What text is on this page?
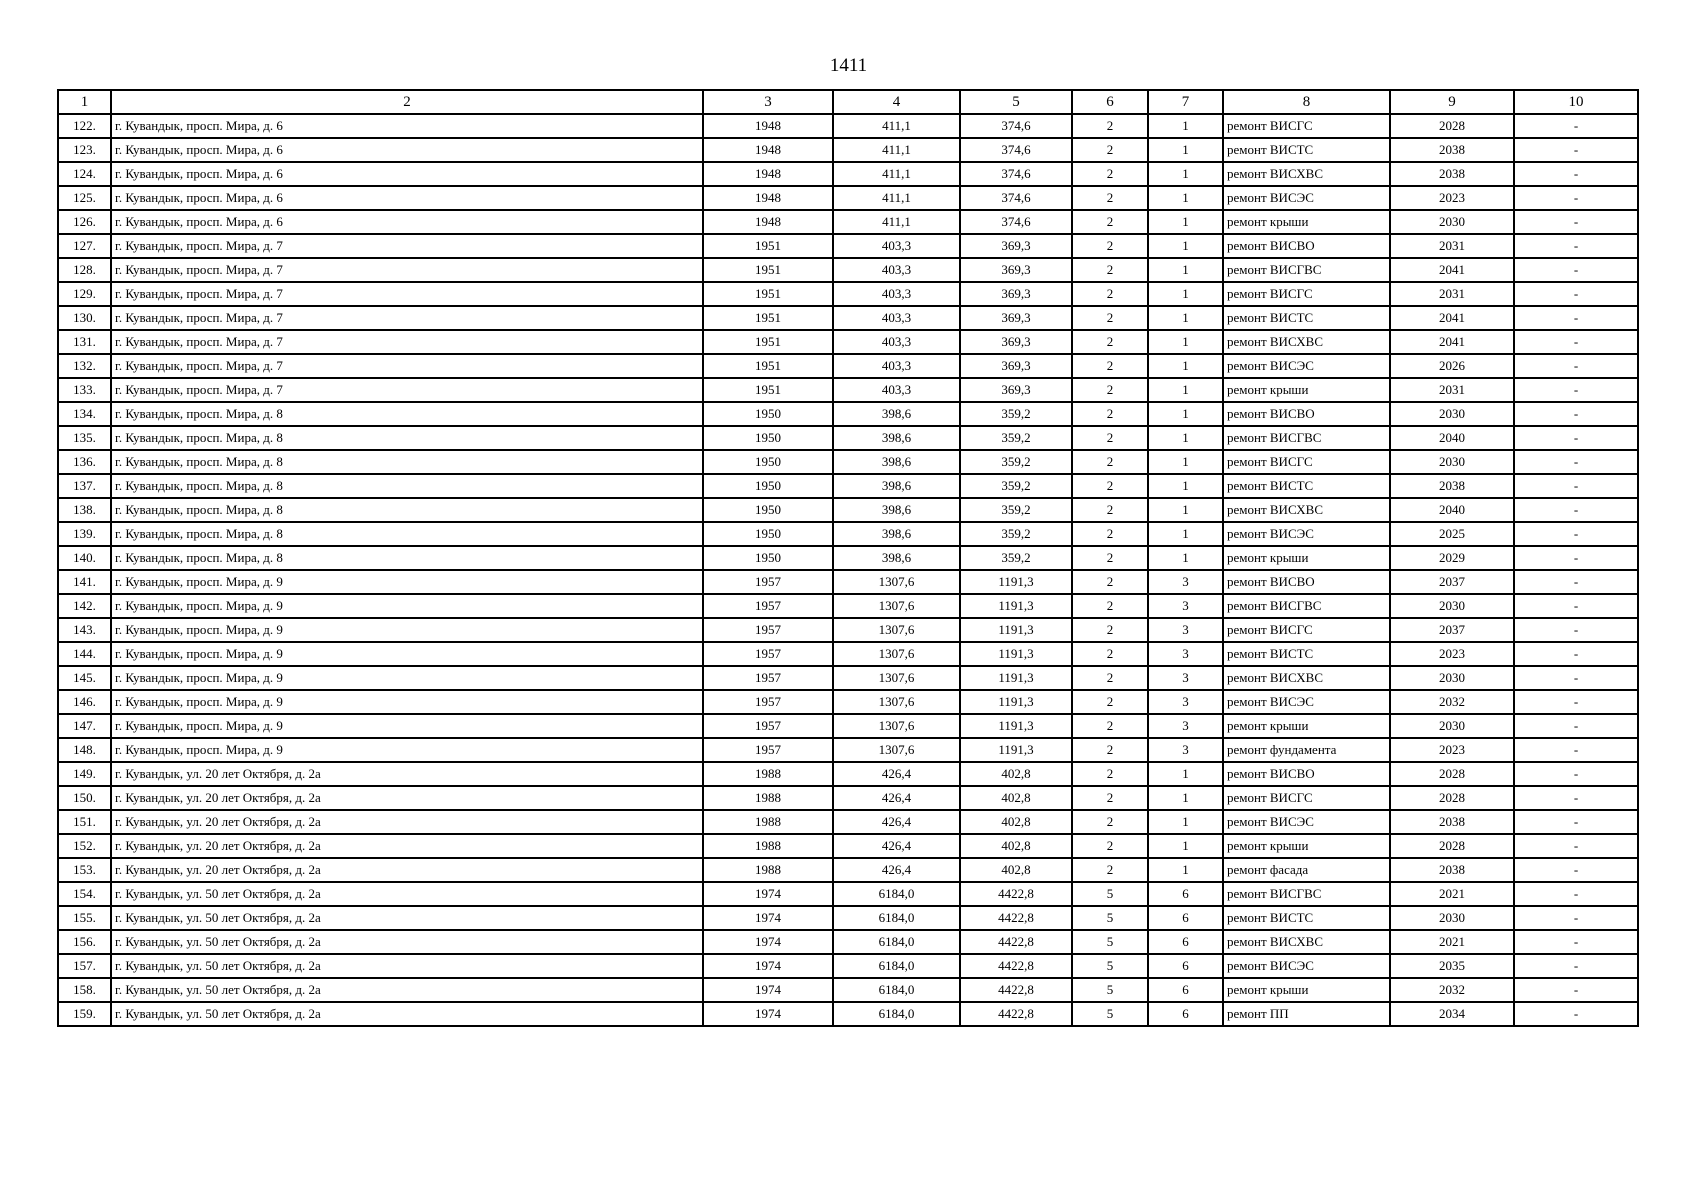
1411
1	2	3	4	5	6	7	8	9	10
122.	г. Кувандык, просп. Мира, д. 6	1948	411,1	374,6	2	1	ремонт ВИСГС	2028	-
123.	г. Кувандык, просп. Мира, д. 6	1948	411,1	374,6	2	1	ремонт ВИСТС	2038	-
124.	г. Кувандык, просп. Мира, д. 6	1948	411,1	374,6	2	1	ремонт ВИСХВС	2038	-
125.	г. Кувандык, просп. Мира, д. 6	1948	411,1	374,6	2	1	ремонт ВИСЭС	2023	-
126.	г. Кувандык, просп. Мира, д. 6	1948	411,1	374,6	2	1	ремонт крыши	2030	-
127.	г. Кувандык, просп. Мира, д. 7	1951	403,3	369,3	2	1	ремонт ВИСВО	2031	-
128.	г. Кувандык, просп. Мира, д. 7	1951	403,3	369,3	2	1	ремонт ВИСГВС	2041	-
129.	г. Кувандык, просп. Мира, д. 7	1951	403,3	369,3	2	1	ремонт ВИСГС	2031	-
130.	г. Кувандык, просп. Мира, д. 7	1951	403,3	369,3	2	1	ремонт ВИСТС	2041	-
131.	г. Кувандык, просп. Мира, д. 7	1951	403,3	369,3	2	1	ремонт ВИСХВС	2041	-
132.	г. Кувандык, просп. Мира, д. 7	1951	403,3	369,3	2	1	ремонт ВИСЭС	2026	-
133.	г. Кувандык, просп. Мира, д. 7	1951	403,3	369,3	2	1	ремонт крыши	2031	-
134.	г. Кувандык, просп. Мира, д. 8	1950	398,6	359,2	2	1	ремонт ВИСВО	2030	-
135.	г. Кувандык, просп. Мира, д. 8	1950	398,6	359,2	2	1	ремонт ВИСГВС	2040	-
136.	г. Кувандык, просп. Мира, д. 8	1950	398,6	359,2	2	1	ремонт ВИСГС	2030	-
137.	г. Кувандык, просп. Мира, д. 8	1950	398,6	359,2	2	1	ремонт ВИСТС	2038	-
138.	г. Кувандык, просп. Мира, д. 8	1950	398,6	359,2	2	1	ремонт ВИСХВС	2040	-
139.	г. Кувандык, просп. Мира, д. 8	1950	398,6	359,2	2	1	ремонт ВИСЭС	2025	-
140.	г. Кувандык, просп. Мира, д. 8	1950	398,6	359,2	2	1	ремонт крыши	2029	-
141.	г. Кувандык, просп. Мира, д. 9	1957	1307,6	1191,3	2	3	ремонт ВИСВО	2037	-
142.	г. Кувандык, просп. Мира, д. 9	1957	1307,6	1191,3	2	3	ремонт ВИСГВС	2030	-
143.	г. Кувандык, просп. Мира, д. 9	1957	1307,6	1191,3	2	3	ремонт ВИСГС	2037	-
144.	г. Кувандык, просп. Мира, д. 9	1957	1307,6	1191,3	2	3	ремонт ВИСТС	2023	-
145.	г. Кувандык, просп. Мира, д. 9	1957	1307,6	1191,3	2	3	ремонт ВИСХВС	2030	-
146.	г. Кувандык, просп. Мира, д. 9	1957	1307,6	1191,3	2	3	ремонт ВИСЭС	2032	-
147.	г. Кувандык, просп. Мира, д. 9	1957	1307,6	1191,3	2	3	ремонт крыши	2030	-
148.	г. Кувандык, просп. Мира, д. 9	1957	1307,6	1191,3	2	3	ремонт фундамента	2023	-
149.	г. Кувандык, ул. 20 лет Октября, д. 2а	1988	426,4	402,8	2	1	ремонт ВИСВО	2028	-
150.	г. Кувандык, ул. 20 лет Октября, д. 2а	1988	426,4	402,8	2	1	ремонт ВИСГС	2028	-
151.	г. Кувандык, ул. 20 лет Октября, д. 2а	1988	426,4	402,8	2	1	ремонт ВИСЭС	2038	-
152.	г. Кувандык, ул. 20 лет Октября, д. 2а	1988	426,4	402,8	2	1	ремонт крыши	2028	-
153.	г. Кувандык, ул. 20 лет Октября, д. 2а	1988	426,4	402,8	2	1	ремонт фасада	2038	-
154.	г. Кувандык, ул. 50 лет Октября, д. 2а	1974	6184,0	4422,8	5	6	ремонт ВИСГВС	2021	-
155.	г. Кувандык, ул. 50 лет Октября, д. 2а	1974	6184,0	4422,8	5	6	ремонт ВИСТС	2030	-
156.	г. Кувандык, ул. 50 лет Октября, д. 2а	1974	6184,0	4422,8	5	6	ремонт ВИСХВС	2021	-
157.	г. Кувандык, ул. 50 лет Октября, д. 2а	1974	6184,0	4422,8	5	6	ремонт ВИСЭС	2035	-
158.	г. Кувандык, ул. 50 лет Октября, д. 2а	1974	6184,0	4422,8	5	6	ремонт крыши	2032	-
159.	г. Кувандык, ул. 50 лет Октября, д. 2а	1974	6184,0	4422,8	5	6	ремонт ПП	2034	-
